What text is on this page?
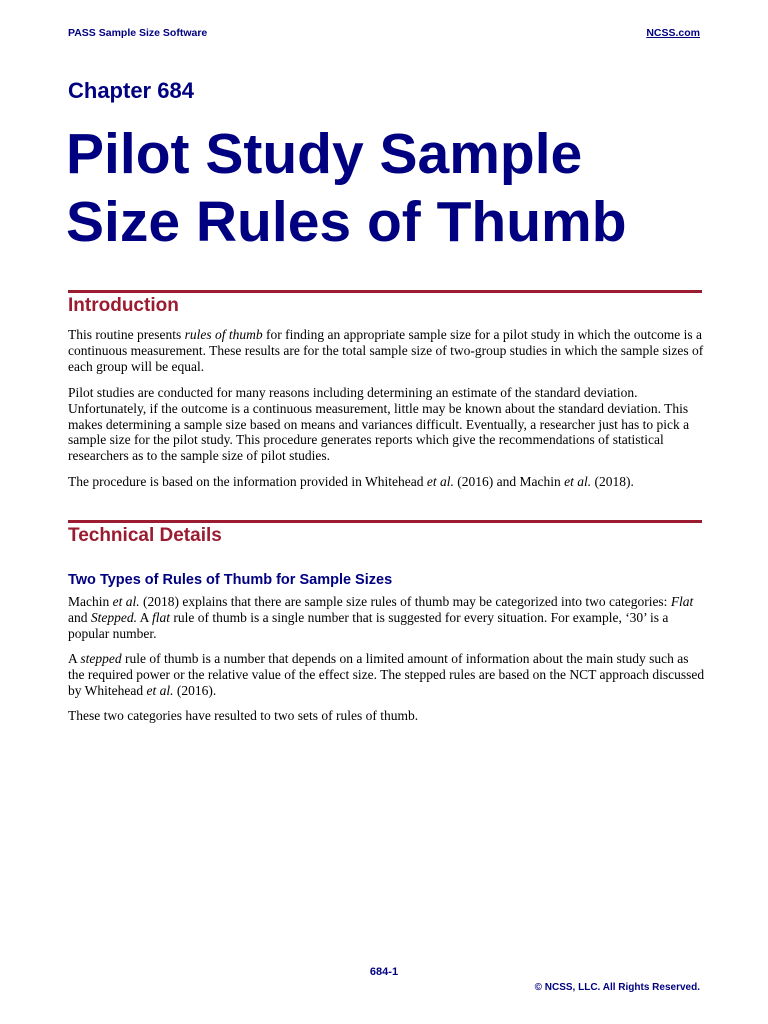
PASS Sample Size Software	NCSS.com
Chapter 684
Pilot Study Sample
Size Rules of Thumb
Introduction

This routine presents rules of thumb for finding an appropriate sample size for a pilot study in which the outcome is a continuous measurement. These results are for the total sample size of two-group studies in which the sample sizes of each group will be equal.

Pilot studies are conducted for many reasons including determining an estimate of the standard deviation. Unfortunately, if the outcome is a continuous measurement, little may be known about the standard deviation. This makes determining a sample size based on means and variances difficult. Eventually, a researcher just has to pick a sample size for the pilot study. This procedure generates reports which give the recommendations of statistical researchers as to the sample size of pilot studies.

The procedure is based on the information provided in Whitehead et al. (2016) and Machin et al. (2018).

Technical Details
Two Types of Rules of Thumb for Sample Sizes

Machin et al. (2018) explains that there are sample size rules of thumb may be categorized into two categories: Flat and Stepped. A flat rule of thumb is a single number that is suggested for every situation. For example, ‘30’ is a popular number.

A stepped rule of thumb is a number that depends on a limited amount of information about the main study such as the required power or the relative value of the effect size. The stepped rules are based on the NCT approach discussed by Whitehead et al. (2016).

These two categories have resulted to two sets of rules of thumb.

684-1
© NCSS, LLC. All Rights Reserved.
